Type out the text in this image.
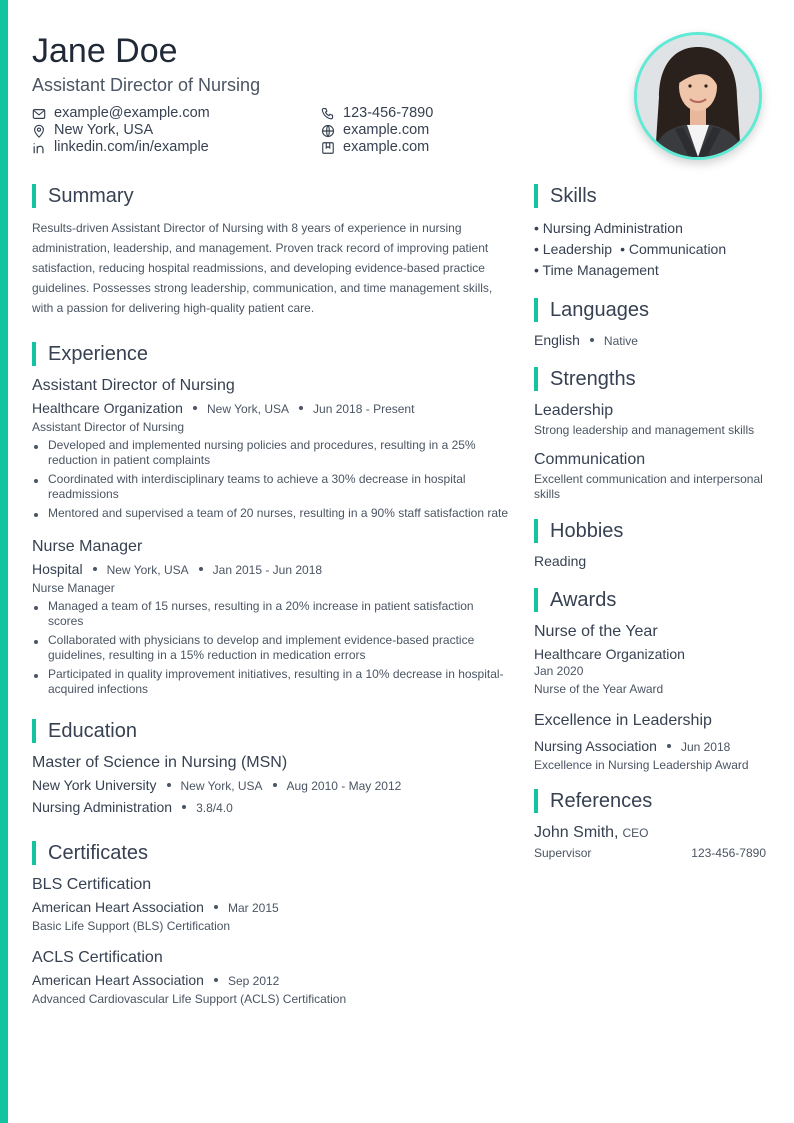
Jane Doe
Assistant Director of Nursing
example@example.com	123-456-7890
New York, USA	example.com
linkedin.com/in/example	example.com
Summary
Results-driven Assistant Director of Nursing with 8 years of experience in nursing administration, leadership, and management. Proven track record of improving patient satisfaction, reducing hospital readmissions, and developing evidence-based practice guidelines. Possesses strong leadership, communication, and time management skills, with a passion for delivering high-quality patient care.
Experience
Assistant Director of Nursing
Healthcare Organization New York, USA Jun 2018 - Present
Assistant Director of Nursing
Developed and implemented nursing policies and procedures, resulting in a 25% reduction in patient complaints
Coordinated with interdisciplinary teams to achieve a 30% decrease in hospital readmissions
Mentored and supervised a team of 20 nurses, resulting in a 90% staff satisfaction rate
Nurse Manager
Hospital New York, USA Jan 2015 - Jun 2018
Nurse Manager
Managed a team of 15 nurses, resulting in a 20% increase in patient satisfaction scores
Collaborated with physicians to develop and implement evidence-based practice guidelines, resulting in a 15% reduction in medication errors
Participated in quality improvement initiatives, resulting in a 10% decrease in hospital-acquired infections
Education
Master of Science in Nursing (MSN)
New York University New York, USA Aug 2010 - May 2012
Nursing Administration 3.8/4.0
Certificates
BLS Certification
American Heart Association Mar 2015
Basic Life Support (BLS) Certification
ACLS Certification
American Heart Association Sep 2012
Advanced Cardiovascular Life Support (ACLS) Certification
Skills
• Nursing Administration
• Leadership • Communication
• Time Management
Languages
English Native
Strengths
Leadership
Strong leadership and management skills
Communication
Excellent communication and interpersonal skills
Hobbies
Reading
Awards
Nurse of the Year
Healthcare Organization
Jan 2020
Nurse of the Year Award
Excellence in Leadership
Nursing Association Jun 2018
Excellence in Nursing Leadership Award
References
John Smith, CEO
Supervisor	123-456-7890
